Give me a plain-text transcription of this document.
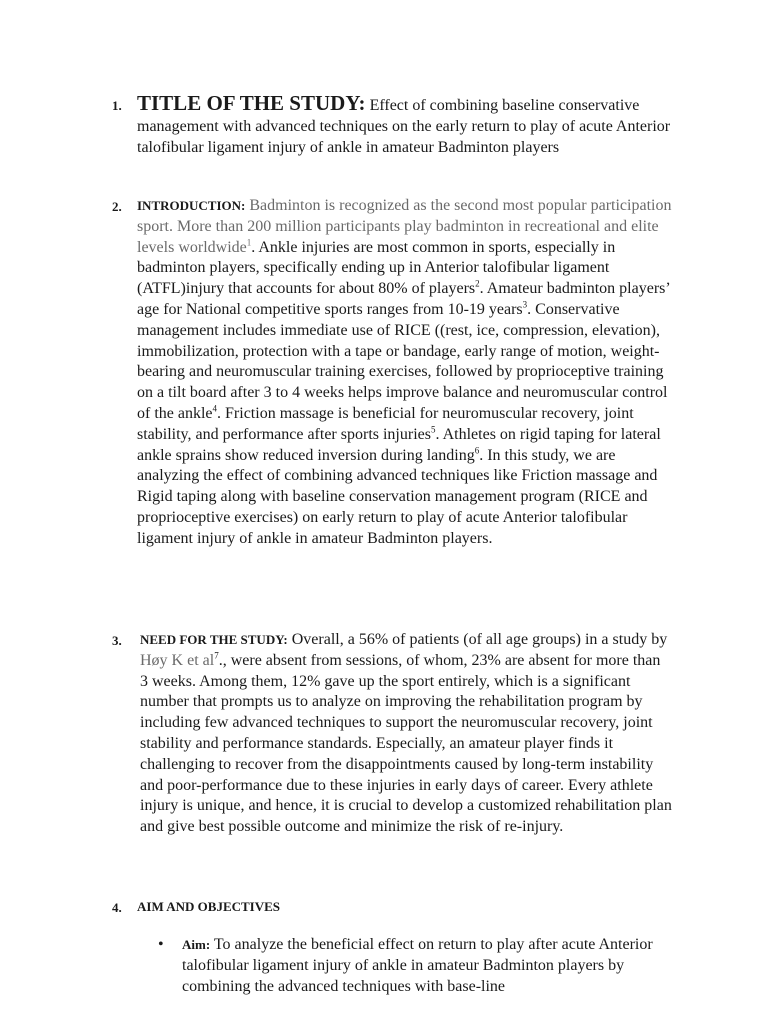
1. TITLE OF THE STUDY: Effect of combining baseline conservative management with advanced techniques on the early return to play of acute Anterior talofibular ligament injury of ankle in amateur Badminton players
2. INTRODUCTION: Badminton is recognized as the second most popular participation sport. More than 200 million participants play badminton in recreational and elite levels worldwide$^1$. Ankle injuries are most common in sports, especially in badminton players, specifically ending up in Anterior talofibular ligament (ATFL)injury that accounts for about 80% of players$^2$. Amateur badminton players’ age for National competitive sports ranges from 10-19 years$^3$. Conservative management includes immediate use of RICE ((rest, ice, compression, elevation), immobilization, protection with a tape or bandage, early range of motion, weight-bearing and neuromuscular training exercises, followed by proprioceptive training on a tilt board after 3 to 4 weeks helps improve balance and neuromuscular control of the ankle$^4$. Friction massage is beneficial for neuromuscular recovery, joint stability, and performance after sports injuries$^5$. Athletes on rigid taping for lateral ankle sprains show reduced inversion during landing$^6$. In this study, we are analyzing the effect of combining advanced techniques like Friction massage and Rigid taping along with baseline conservation management program (RICE and proprioceptive exercises) on early return to play of acute Anterior talofibular ligament injury of ankle in amateur Badminton players.
3. NEED FOR THE STUDY: Overall, a 56% of patients (of all age groups) in a study by Høy K et $al^7$., were absent from sessions, of whom, 23% are absent for more than 3 weeks. Among them, 12% gave up the sport entirely, which is a significant number that prompts us to analyze on improving the rehabilitation program by including few advanced techniques to support the neuromuscular recovery, joint stability and performance standards. Especially, an amateur player finds it challenging to recover from the disappointments caused by long-term instability and poor-performance due to these injuries in early days of career. Every athlete injury is unique, and hence, it is crucial to develop a customized rehabilitation plan and give best possible outcome and minimize the risk of re-injury.
4. AIM AND OBJECTIVES
• Aim: To analyze the beneficial effect on return to play after acute Anterior talofibular ligament injury of ankle in amateur Badminton players by combining the advanced techniques with base-line
